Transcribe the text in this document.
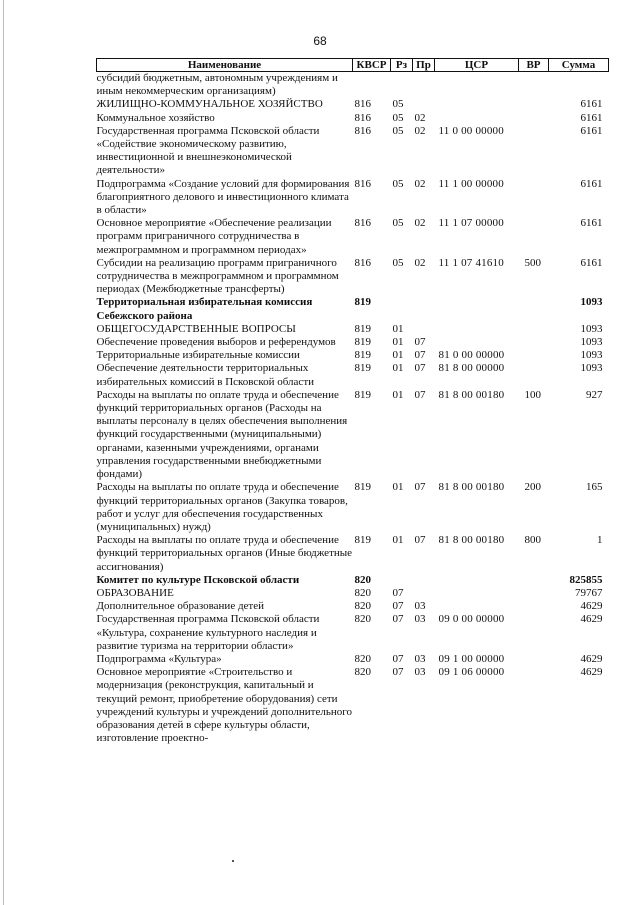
68
Наименование	КВСР	Рз	Пр	ЦСР	ВР	Сумма
субсидий бюджетным, автономным учреждениям и иным некоммерческим организациям)						
ЖИЛИЩНО-КОММУНАЛЬНОЕ ХОЗЯЙСТВО	816	05				6161
Коммунальное хозяйство	816	05	02			6161
Государственная программа Псковской области «Содействие экономическому развитию, инвестиционной и внешнеэкономической деятельности»	816	05	02	11 0 00 00000		6161
Подпрограмма «Создание условий для формирования благоприятного делового и инвестиционного климата в области»	816	05	02	11 1 00 00000		6161
Основное мероприятие «Обеспечение реализации программ приграничного сотрудничества в межпрограммном и программном периодах»	816	05	02	11 1 07 00000		6161
Субсидии на реализацию программ приграничного сотрудничества в межпрограммном и программном периодах (Межбюджетные трансферты)	816	05	02	11 1 07 41610	500	6161
Территориальная избирательная комиссия Себежского района	819					1093
ОБЩЕГОСУДАРСТВЕННЫЕ ВОПРОСЫ	819	01				1093
Обеспечение проведения выборов и референдумов	819	01	07			1093
Территориальные избирательные комиссии	819	01	07	81 0 00 00000		1093
Обеспечение деятельности территориальных избирательных комиссий в Псковской области	819	01	07	81 8 00 00000		1093
Расходы на выплаты по оплате труда и обеспечение функций территориальных органов (Расходы на выплаты персоналу в целях обеспечения выполнения функций государственными (муниципальными) органами, казенными учреждениями, органами управления государственными внебюджетными фондами)	819	01	07	81 8 00 00180	100	927
Расходы на выплаты по оплате труда и обеспечение функций территориальных органов (Закупка товаров, работ и услуг для обеспечения государственных (муниципальных) нужд)	819	01	07	81 8 00 00180	200	165
Расходы на выплаты по оплате труда и обеспечение функций территориальных органов (Иные бюджетные ассигнования)	819	01	07	81 8 00 00180	800	1
Комитет по культуре Псковской области	820					825855
ОБРАЗОВАНИЕ	820	07				79767
Дополнительное образование детей	820	07	03			4629
Государственная программа Псковской области «Культура, сохранение культурного наследия и развитие туризма на территории области»	820	07	03	09 0 00 00000		4629
Подпрограмма «Культура»	820	07	03	09 1 00 00000		4629
Основное мероприятие «Строительство и модернизация (реконструкция, капитальный и текущий ремонт, приобретение оборудования) сети учреждений культуры и учреждений дополнительного образования детей в сфере культуры области, изготовление проектно-	820	07	03	09 1 06 00000		4629
